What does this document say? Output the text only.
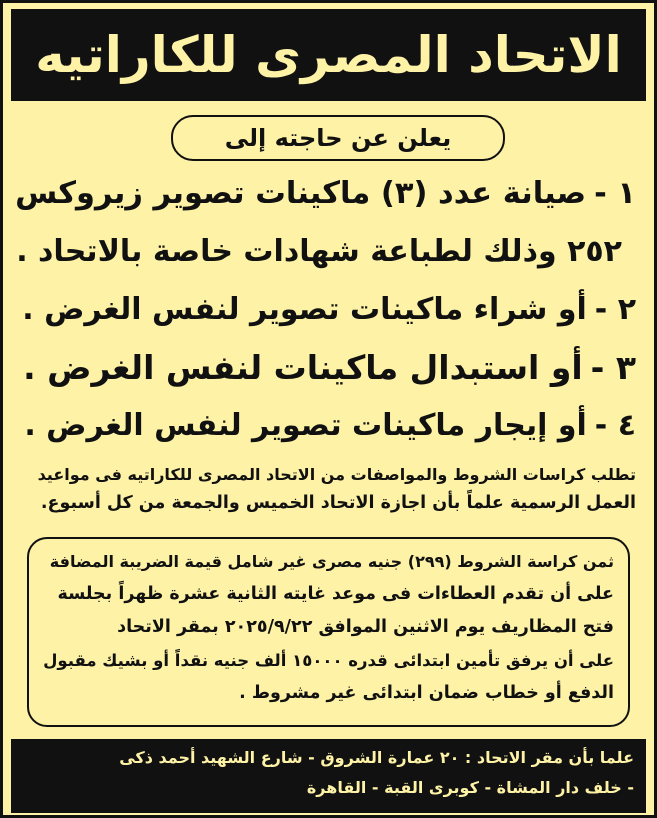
الاتحاد المصرى للكاراتيه
يعلن عن حاجته إلى
١ -صيانة عدد (٣) ماكينات تصوير زيروكس
٢٥٢ وذلك لطباعة شهادات خاصة بالاتحاد .
٢ -أو شراء ماكينات تصوير لنفس الغرض .
٣ -أو استبدال ماكينات لنفس الغرض .
٤ -أو إيجار ماكينات تصوير لنفس الغرض .
تطلب كراسات الشروط والمواصفات من الاتحاد المصرى للكاراتيه فى مواعيد
العمل الرسمية علماً بأن اجازة الاتحاد الخميس والجمعة من كل أسبوع.
ثمن كراسة الشروط (٢٩٩) جنيه مصرى غير شامل قيمة الضريبة المضافة
على أن تقدم العطاءات فى موعد غايته الثانية عشرة ظهراً بجلسة
فتح المظاريف يوم الاثنين الموافق ٢٠٢٥/٩/٢٢ بمقر الاتحاد
على أن يرفق تأمين ابتدائى قدره ١٥٠٠٠ ألف جنيه نقداً أو بشيك مقبول
الدفع أو خطاب ضمان ابتدائى غير مشروط .
علما بأن مقر الاتحاد : ٢٠ عمارة الشروق - شارع الشهيد أحمد ذكى
- خلف دار المشاة - كوبرى القبة - القاهرة
